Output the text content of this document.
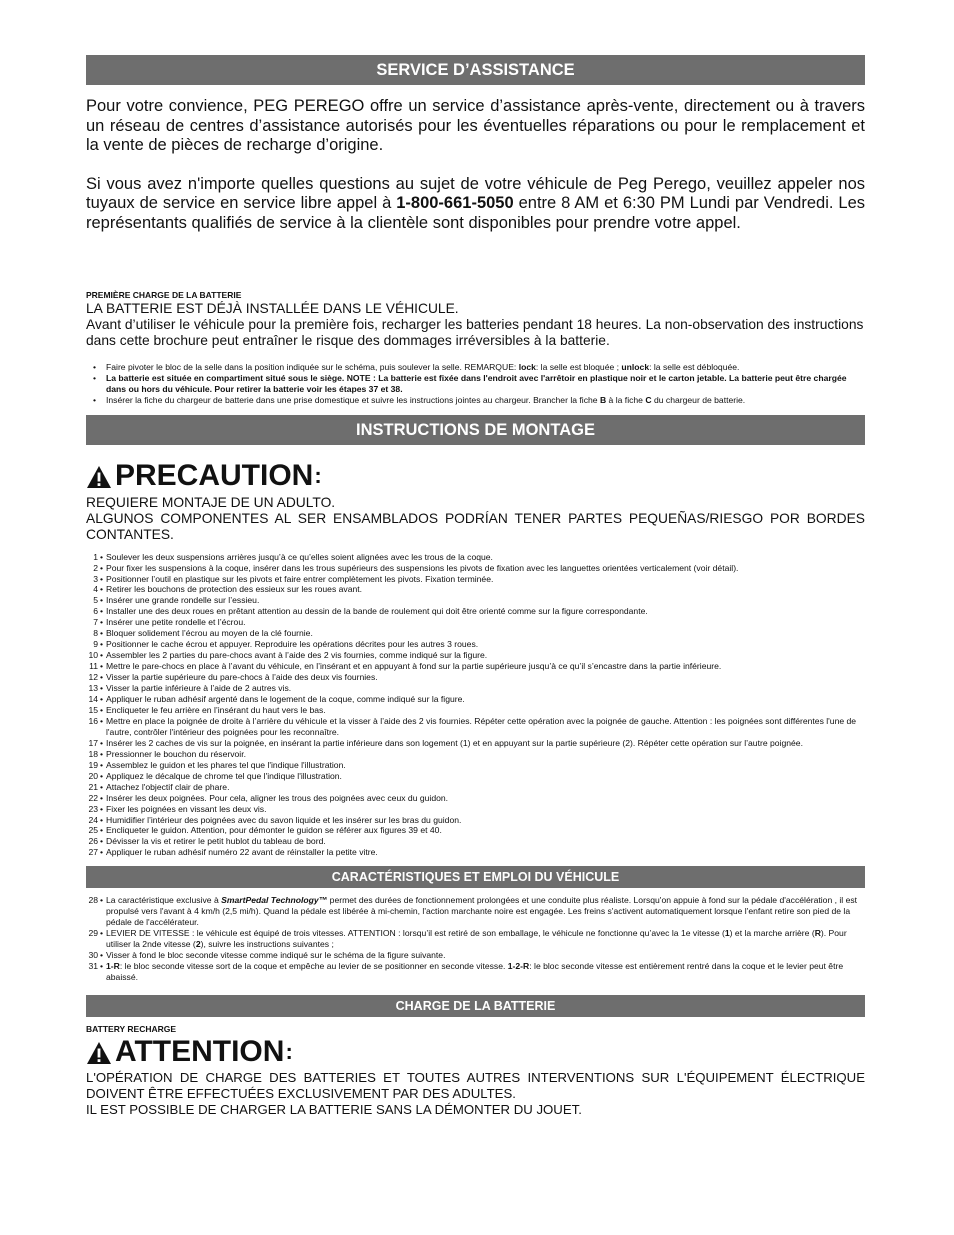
SERVICE D’ASSISTANCE

Pour votre convience, PEG PEREGO offre un service d’assistance après-vente, directement ou à travers un réseau de centres d’assistance autorisés pour les éventuelles réparations ou pour le remplacement et la vente de pièces de recharge d’origine.

Si vous avez n'importe quelles questions au sujet de votre véhicule de Peg Perego, veuillez appeler nos tuyaux de service en service libre appel à 1-800-661-5050 entre 8 AM et 6:30 PM Lundi par Vendredi. Les représentants qualifiés de service à la clientèle sont disponibles pour prendre votre appel.

PREMIÈRE CHARGE DE LA BATTERIE

LA BATTERIE EST DÉJÀ INSTALLÉE DANS LE VÉHICULE.

Avant d’utiliser le véhicule pour la première fois, recharger les batteries pendant 18 heures. La non-observation des instructions dans cette brochure peut entraîner le risque des dommages irréversibles à la batterie.

• Faire pivoter le bloc de la selle dans la position indiquée sur le schéma, puis soulever la selle. REMARQUE: lock: la selle est bloquée ; unlock: la selle est débloquée.
• La batterie est située en compartiment situé sous le siège. NOTE : La batterie est fixée dans l'endroit avec l'arrêtoir en plastique noir et le carton jetable. La batterie peut être chargée dans ou hors du véhicule. Pour retirer la batterie voir les étapes 37 et 38.
• Insérer la fiche du chargeur de batterie dans une prise domestique et suivre les instructions jointes au chargeur. Brancher la fiche B à la fiche C du chargeur de batterie.
INSTRUCTIONS DE MONTAGE
PRECAUTION :

REQUIERE MONTAJE DE UN ADULTO.

ALGUNOS COMPONENTES AL SER ENSAMBLADOS PODRÍAN TENER PARTES PEQUEÑAS/RIESGO POR BORDES CONTANTES.

1 • Soulever les deux suspensions arrières jusqu’à ce qu’elles soient alignées avec les trous de la coque.
2 • Pour fixer les suspensions à la coque, insérer dans les trous supérieurs des suspensions les pivots de fixation avec les languettes orientées verticalement (voir détail).
3 • Positionner l’outil en plastique sur les pivots et faire entrer complètement les pivots. Fixation terminée.
4 • Retirer les bouchons de protection des essieux sur les roues avant.
5 • Insérer une grande rondelle sur l’essieu.
6 • Installer une des deux roues en prêtant attention au dessin de la bande de roulement qui doit être orienté comme sur la figure correspondante.
7 • Insérer une petite rondelle et l’écrou.
8 • Bloquer solidement l’écrou au moyen de la clé fournie.
9 • Positionner le cache écrou et appuyer. Reproduire les opérations décrites pour les autres 3 roues.
10 • Assembler les 2 parties du pare-chocs avant à l’aide des 2 vis fournies, comme indiqué sur la figure.
11 • Mettre le pare-chocs en place à l’avant du véhicule, en l’insérant et en appuyant à fond sur la partie supérieure jusqu’à ce qu’il s’encastre dans la partie inférieure.
12 • Visser la partie supérieure du pare-chocs à l’aide des deux vis fournies.
13 • Visser la partie inférieure à l’aide de 2 autres vis.
14 • Appliquer le ruban adhésif argenté dans le logement de la coque, comme indiqué sur la figure.
15 • Encliqueter le feu arrière en l’insérant du haut vers le bas.
16 • Mettre en place la poignée de droite à l’arrière du véhicule et la visser à l’aide des 2 vis fournies. Répéter cette opération avec la poignée de gauche. Attention : les poignées sont différentes l'une de l'autre, contrôler l'intérieur des poignées pour les reconnaître.
17 • Insérer les 2 caches de vis sur la poignée, en insérant la partie inférieure dans son logement (1) et en appuyant sur la partie supérieure (2). Répéter cette opération sur l’autre poignée.
18 • Pressionner le bouchon du réservoir.
19 • Assemblez le guidon et les phares tel que l'indique l'illustration.
20 • Appliquez le décalque de chrome tel que l'indique l'illustration.
21 • Attachez l'objectif clair de phare.
22 • Insérer les deux poignées. Pour cela, aligner les trous des poignées avec ceux du guidon.
23 • Fixer les poignées en vissant les deux vis.
24 • Humidifier l’intérieur des poignées avec du savon liquide et les insérer sur les bras du guidon.
25 • Encliqueter le guidon. Attention, pour démonter le guidon se référer aux figures 39 et 40.
26 • Dévisser la vis et retirer le petit hublot du tableau de bord.
27 • Appliquer le ruban adhésif numéro 22 avant de réinstaller la petite vitre.
CARACTÉRISTIQUES ET EMPLOI DU VÉHICULE
28 • La caractéristique exclusive à SmartPedal Technology™ permet des durées de fonctionnement prolongées et une conduite plus réaliste. Lorsqu'on appuie à fond sur la pédale d'accélération , il est propulsé vers l'avant à 4 km/h (2,5 mi/h). Quand la pédale est libérée à mi-chemin, l'action marchante noire est engagée. Les freins s'activent automatiquement lorsque l'enfant retire son pied de la pédale de l'accélérateur.
29 • LEVIER DE VITESSE : le véhicule est équipé de trois vitesses. ATTENTION : lorsqu’il est retiré de son emballage, le véhicule ne fonctionne qu’avec la 1e vitesse (1) et la marche arrière (R). Pour utiliser la 2nde vitesse (2), suivre les instructions suivantes ;
30 • Visser à fond le bloc seconde vitesse comme indiqué sur le schéma de la figure suivante.
31 • 1-R: le bloc seconde vitesse sort de la coque et empêche au levier de se positionner en seconde vitesse. 1-2-R: le bloc seconde vitesse est entièrement rentré dans la coque et le levier peut être abaissé.
CHARGE DE LA BATTERIE

BATTERY RECHARGE

ATTENTION :

L'OPÉRATION DE CHARGE DES BATTERIES ET TOUTES AUTRES INTERVENTIONS SUR L'ÉQUIPEMENT ÉLECTRIQUE DOIVENT ÊTRE EFFECTUÉES EXCLUSIVEMENT PAR DES ADULTES.

IL EST POSSIBLE DE CHARGER LA BATTERIE SANS LA DÉMONTER DU JOUET.
